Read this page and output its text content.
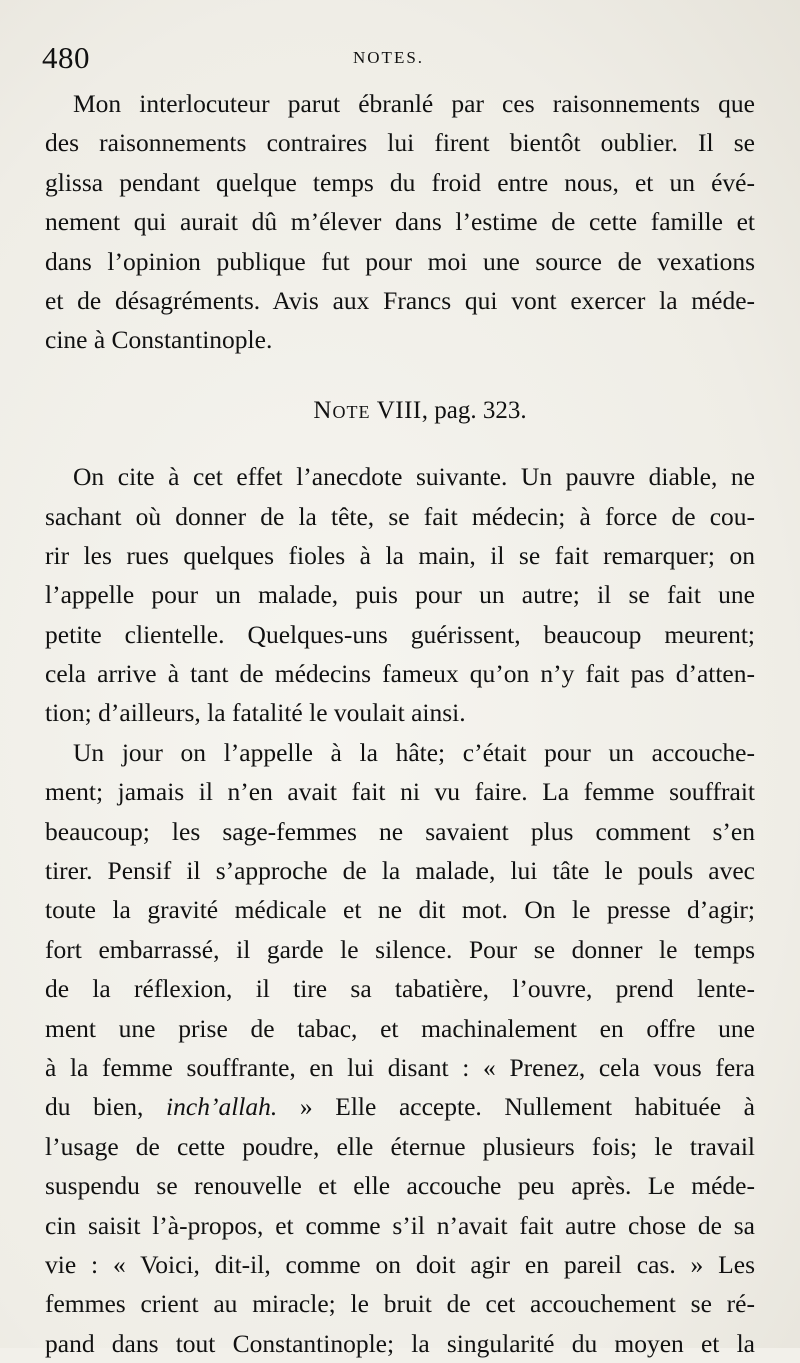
480	NOTES.
Mon interlocuteur parut ébranlé par ces raisonnements que
des raisonnements contraires lui firent bientôt oublier. Il se
glissa pendant quelque temps du froid entre nous, et un évé-
nement qui aurait dû m’élever dans l’estime de cette famille et
dans l’opinion publique fut pour moi une source de vexations
et de désagréments. Avis aux Francs qui vont exercer la méde-
cine à Constantinople.
Note VIII, pag. 323.
On cite à cet effet l’anecdote suivante. Un pauvre diable, ne
sachant où donner de la tête, se fait médecin; à force de cou-
rir les rues quelques fioles à la main, il se fait remarquer; on
l’appelle pour un malade, puis pour un autre; il se fait une
petite clientelle. Quelques-uns guérissent, beaucoup meurent;
cela arrive à tant de médecins fameux qu’on n’y fait pas d’atten-
tion; d’ailleurs, la fatalité le voulait ainsi.
Un jour on l’appelle à la hâte; c’était pour un accouche-
ment; jamais il n’en avait fait ni vu faire. La femme souffrait
beaucoup; les sage-femmes ne savaient plus comment s’en
tirer. Pensif il s’approche de la malade, lui tâte le pouls avec
toute la gravité médicale et ne dit mot. On le presse d’agir;
fort embarrassé, il garde le silence. Pour se donner le temps
de la réflexion, il tire sa tabatière, l’ouvre, prend lente-
ment une prise de tabac, et machinalement en offre une
à la femme souffrante, en lui disant : « Prenez, cela vous fera
du bien, inch’allah. » Elle accepte. Nullement habituée à
l’usage de cette poudre, elle éternue plusieurs fois; le travail
suspendu se renouvelle et elle accouche peu après. Le méde-
cin saisit l’à-propos, et comme s’il n’avait fait autre chose de sa
vie : « Voici, dit-il, comme on doit agir en pareil cas. » Les
femmes crient au miracle; le bruit de cet accouchement se ré-
pand dans tout Constantinople; la singularité du moyen et la
